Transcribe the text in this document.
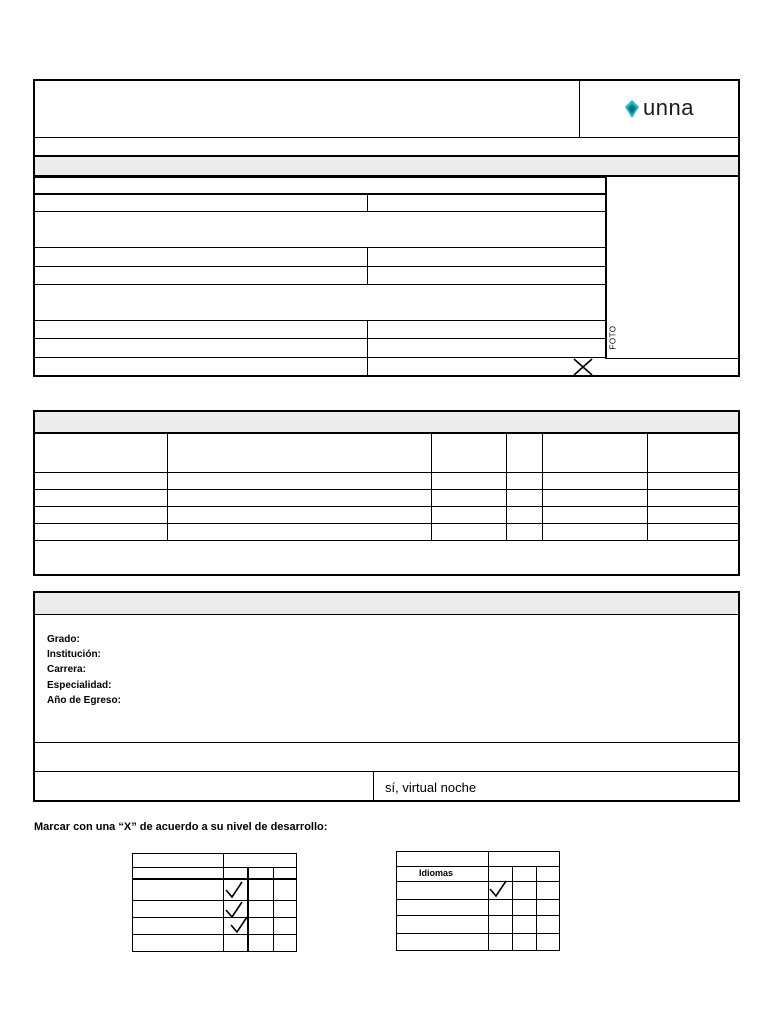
unna
FOTO
Grado:
Institución:
Carrera:
Especialidad:
Año de Egreso:
sí, virtual noche
Marcar con una “X” de acuerdo a su nivel de desarrollo:
Idiomas
